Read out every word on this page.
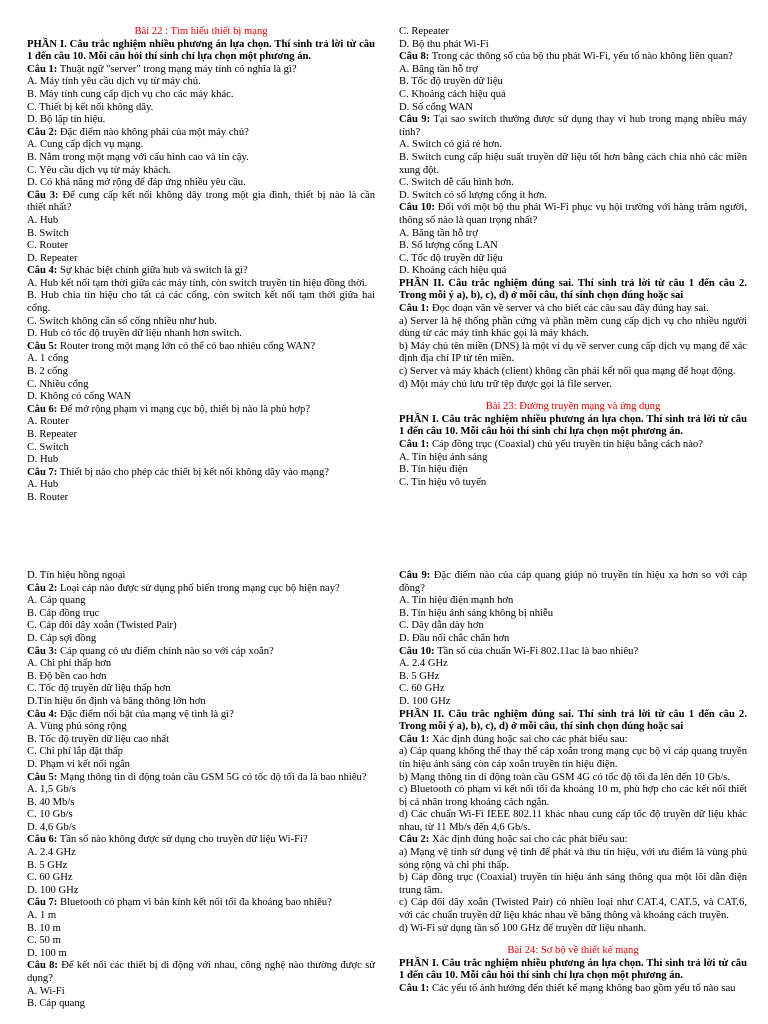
Bài 22 : Tìm hiểu thiết bị mạng

PHẦN I. Câu trắc nghiệm nhiều phương án lựa chọn. Thí sinh trả lời từ câu 1 đến câu 10. Mỗi câu hỏi thí sinh chỉ lựa chọn một phương án.

Câu 1: Thuật ngữ "server" trong mạng máy tính có nghĩa là gì?

A. Máy tính yêu cầu dịch vụ từ máy chủ.

B. Máy tính cung cấp dịch vụ cho các máy khác.

C. Thiết bị kết nối không dây.

D. Bộ lặp tín hiệu.

Câu 2: Đặc điểm nào không phải của một máy chủ?

A. Cung cấp dịch vụ mạng.

B. Nằm trong một mạng với cấu hình cao và tin cậy.

C. Yêu cầu dịch vụ từ máy khách.

D. Có khả năng mở rộng để đáp ứng nhiều yêu cầu.

Câu 3: Để cung cấp kết nối không dây trong một gia đình, thiết bị nào là cần thiết nhất?

A. Hub

B. Switch

C. Router

D. Repeater

Câu 4: Sự khác biệt chính giữa hub và switch là gì?

A. Hub kết nối tạm thời giữa các máy tính, còn switch truyền tín hiệu đồng thời.

B. Hub chia tín hiệu cho tất cả các cổng, còn switch kết nối tạm thời giữa hai cổng.

C. Switch không cần số cổng nhiều như hub.

D. Hub có tốc độ truyền dữ liệu nhanh hơn switch.

Câu 5: Router trong một mạng lớn có thể có bao nhiêu cổng WAN?

A. 1 cổng

B. 2 cổng

C. Nhiều cổng

D. Không có cổng WAN

Câu 6: Để mở rộng phạm vi mạng cục bộ, thiết bị nào là phù hợp?

A. Router

B. Repeater

C. Switch

D. Hub

Câu 7: Thiết bị nào cho phép các thiết bị kết nối không dây vào mạng?

A. Hub

B. Router

C. Repeater

D. Bộ thu phát Wi-Fi

Câu 8: Trong các thông số của bộ thu phát Wi-Fi, yếu tố nào không liên quan?

A. Băng tần hỗ trợ

B. Tốc độ truyền dữ liệu

C. Khoảng cách hiệu quả

D. Số cổng WAN

Câu 9: Tại sao switch thường được sử dụng thay vì hub trong mạng nhiều máy tính?

A. Switch có giá rẻ hơn.

B. Switch cung cấp hiệu suất truyền dữ liệu tốt hơn bằng cách chia nhỏ các miền xung đột.

C. Switch dễ cấu hình hơn.

D. Switch có số lượng cổng ít hơn.

Câu 10: Đối với một bộ thu phát Wi-Fi phục vụ hội trường với hàng trăm người, thông số nào là quan trọng nhất?

A. Băng tần hỗ trợ

B. Số lượng cổng LAN

C. Tốc độ truyền dữ liệu

D. Khoảng cách hiệu quả

PHẦN II. Câu trắc nghiệm đúng sai. Thí sinh trả lời từ câu 1 đến câu 2. Trong mỗi ý a), b), c), d) ở mỗi câu, thí sinh chọn đúng hoặc sai

Câu 1: Đọc đoạn văn về server và cho biết các câu sau đây đúng hay sai.

a) Server là hệ thống phần cứng và phần mềm cung cấp dịch vụ cho nhiều người dùng từ các máy tính khác gọi là máy khách.

b) Máy chủ tên miền (DNS) là một ví dụ về server cung cấp dịch vụ mạng để xác định địa chỉ IP từ tên miền.

c) Server và máy khách (client) không cần phải kết nối qua mạng để hoạt động.

d) Một máy chủ lưu trữ tệp được gọi là file server.

Bài 23: Đường truyền mạng và ứng dụng

PHẦN I. Câu trắc nghiệm nhiều phương án lựa chọn. Thí sinh trả lời từ câu 1 đến câu 10. Mỗi câu hỏi thí sinh chỉ lựa chọn một phương án.

Câu 1: Cáp đồng trục (Coaxial) chủ yếu truyền tín hiệu bằng cách nào?

A. Tín hiệu ánh sáng

B. Tín hiệu điện

C. Tín hiệu vô tuyến

D. Tín hiệu hồng ngoại

Câu 2: Loại cáp nào được sử dụng phổ biến trong mạng cục bộ hiện nay?

A. Cáp quang

B. Cáp đồng trục

C. Cáp đôi dây xoắn (Twisted Pair)

D. Cáp sợi đồng

Câu 3: Cáp quang có ưu điểm chính nào so với cáp xoắn?

A. Chi phí thấp hơn

B. Độ bền cao hơn

C. Tốc độ truyền dữ liệu thấp hơn

D.Tín hiệu ổn định và băng thông lớn hơn

Câu 4: Đặc điểm nổi bật của mạng vệ tinh là gì?

A. Vùng phủ sóng rộng

B. Tốc độ truyền dữ liệu cao nhất

C. Chi phí lắp đặt thấp

D. Phạm vi kết nối ngắn

Câu 5: Mạng thông tin di động toàn cầu GSM 5G có tốc độ tối đa là bao nhiêu?

A. 1,5 Gb/s

B. 40 Mb/s

C. 10 Gb/s

D. 4,6 Gb/s

Câu 6: Tần số nào không được sử dụng cho truyền dữ liệu Wi-Fi?

A. 2.4 GHz

B. 5 GHz

C. 60 GHz

D. 100 GHz

Câu 7: Bluetooth có phạm vi bán kính kết nối tối đa khoảng bao nhiêu?

A. 1 m

B. 10 m

C. 50 m

D. 100 m

Câu 8: Để kết nối các thiết bị di động với nhau, công nghệ nào thường được sử dụng?

A. Wi-Fi

B. Cáp quang

Câu 9: Đặc điểm nào của cáp quang giúp nó truyền tín hiệu xa hơn so với cáp đồng?

A. Tín hiệu điện mạnh hơn

B. Tín hiệu ánh sáng không bị nhiễu

C. Dây dẫn dày hơn

D. Đầu nối chắc chắn hơn

Câu 10: Tần số của chuẩn Wi-Fi 802.11ac là bao nhiêu?

A. 2.4 GHz

B. 5 GHz

C. 60 GHz

D. 100 GHz

PHẦN II. Câu trắc nghiệm đúng sai. Thí sinh trả lời từ câu 1 đến câu 2. Trong mỗi ý a), b), c), d) ở mỗi câu, thí sinh chọn đúng hoặc sai

Câu 1: Xác định đúng hoặc sai cho các phát biểu sau:

a) Cáp quang không thể thay thế cáp xoắn trong mạng cục bộ vì cáp quang truyền tín hiệu ánh sáng còn cáp xoắn truyền tín hiệu điện.

b) Mạng thông tin di động toàn cầu GSM 4G có tốc độ tối đa lên đến 10 Gb/s.

c) Bluetooth có phạm vi kết nối tối đa khoảng 10 m, phù hợp cho các kết nối thiết bị cá nhân trong khoảng cách ngắn.

d) Các chuẩn Wi-Fi IEEE 802.11 khác nhau cung cấp tốc độ truyền dữ liệu khác nhau, từ 11 Mb/s đến 4,6 Gb/s.

Câu 2: Xác định đúng hoặc sai cho các phát biểu sau:

a) Mạng vệ tinh sử dụng vệ tinh để phát và thu tín hiệu, với ưu điểm là vùng phủ sóng rộng và chi phí thấp.

b) Cáp đồng trục (Coaxial) truyền tín hiệu ánh sáng thông qua một lõi dẫn điện trung tâm.

c) Cáp đôi dây xoắn (Twisted Pair) có nhiều loại như CAT.4, CAT.5, và CAT.6, với các chuẩn truyền dữ liệu khác nhau về băng thông và khoảng cách truyền.

d) Wi-Fi sử dụng tần số 100 GHz để truyền dữ liệu nhanh.

Bài 24: Sơ bộ về thiết kế mạng

PHẦN I. Câu trắc nghiệm nhiều phương án lựa chọn. Thí sinh trả lời từ câu 1 đến câu 10. Mỗi câu hỏi thí sinh chỉ lựa chọn một phương án.

Câu 1: Các yếu tố ảnh hưởng đến thiết kế mạng không bao gồm yếu tố nào sau
